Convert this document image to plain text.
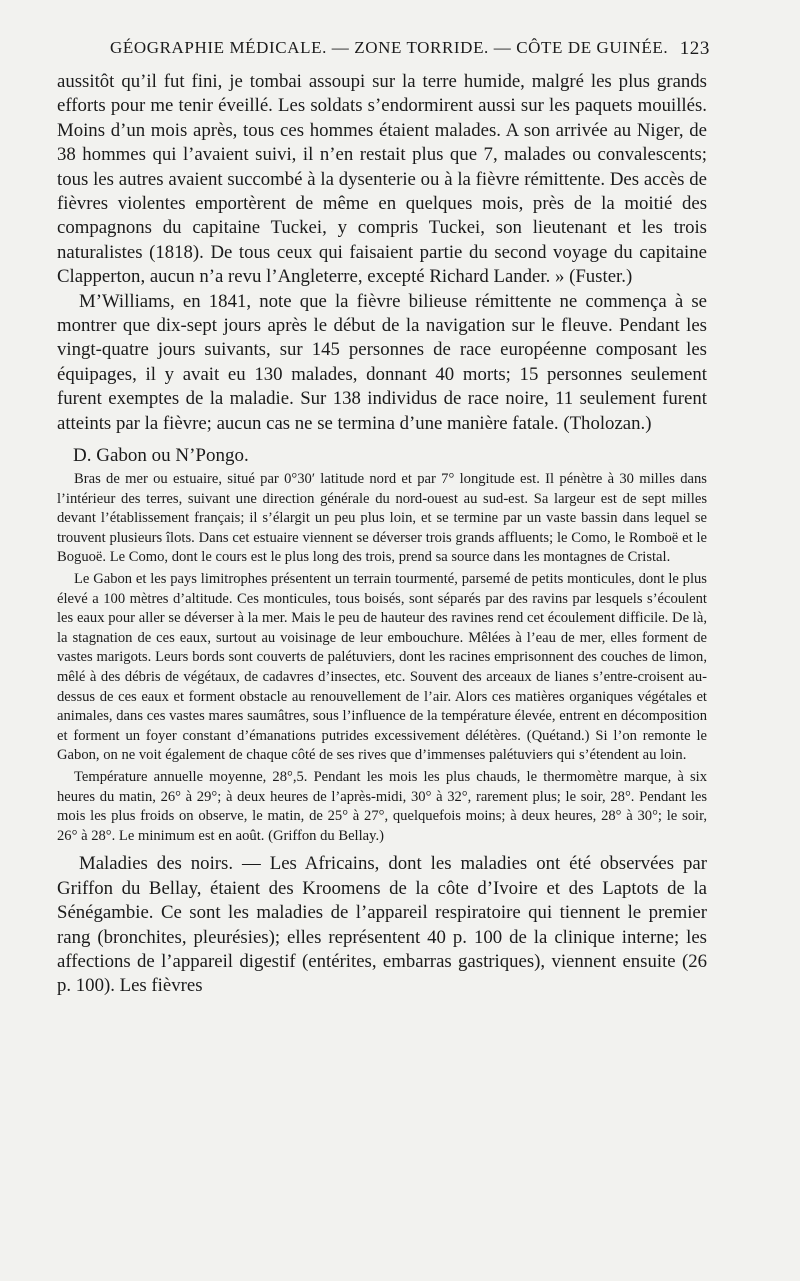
GÉOGRAPHIE MÉDICALE. — ZONE TORRIDE. — CÔTE DE GUINÉE. 123

aussitôt qu’il fut fini, je tombai assoupi sur la terre humide, malgré les plus grands efforts pour me tenir éveillé. Les soldats s’endormirent aussi sur les paquets mouillés. Moins d’un mois après, tous ces hommes étaient malades. A son arrivée au Niger, de 38 hommes qui l’avaient suivi, il n’en restait plus que 7, malades ou convalescents; tous les autres avaient succombé à la dysenterie ou à la fièvre rémittente. Des accès de fièvres violentes emportèrent de même en quelques mois, près de la moitié des compagnons du capitaine Tuckei, y compris Tuckei, son lieutenant et les trois naturalistes (1818). De tous ceux qui faisaient partie du second voyage du capitaine Clapperton, aucun n’a revu l’Angleterre, excepté Richard Lander. » (Fuster.)

M’Williams, en 1841, note que la fièvre bilieuse rémittente ne commença à se montrer que dix-sept jours après le début de la navigation sur le fleuve. Pendant les vingt-quatre jours suivants, sur 145 personnes de race européenne composant les équipages, il y avait eu 130 malades, donnant 40 morts; 15 personnes seulement furent exemptes de la maladie. Sur 138 individus de race noire, 11 seulement furent atteints par la fièvre; aucun cas ne se termina d’une manière fatale. (Tholozan.)

D. Gabon ou N’Pongo.

Bras de mer ou estuaire, situé par 0°30′ latitude nord et par 7° longitude est. Il pénètre à 30 milles dans l’intérieur des terres, suivant une direction générale du nord-ouest au sud-est. Sa largeur est de sept milles devant l’établissement français; il s’élargit un peu plus loin, et se termine par un vaste bassin dans lequel se trouvent plusieurs îlots. Dans cet estuaire viennent se déverser trois grands affluents; le Como, le Romboë et le Boguoë. Le Como, dont le cours est le plus long des trois, prend sa source dans les montagnes de Cristal.

Le Gabon et les pays limitrophes présentent un terrain tourmenté, parsemé de petits monticules, dont le plus élevé a 100 mètres d’altitude. Ces monticules, tous boisés, sont séparés par des ravins par lesquels s’écoulent les eaux pour aller se déverser à la mer. Mais le peu de hauteur des ravines rend cet écoulement difficile. De là, la stagnation de ces eaux, surtout au voisinage de leur embouchure. Mêlées à l’eau de mer, elles forment de vastes marigots. Leurs bords sont couverts de palétuviers, dont les racines emprisonnent des couches de limon, mêlé à des débris de végétaux, de cadavres d’insectes, etc. Souvent des arceaux de lianes s’entre-croisent au-dessus de ces eaux et forment obstacle au renouvellement de l’air. Alors ces matières organiques végétales et animales, dans ces vastes mares saumâtres, sous l’influence de la température élevée, entrent en décomposition et forment un foyer constant d’émanations putrides excessivement délétères. (Quétand.) Si l’on remonte le Gabon, on ne voit également de chaque côté de ses rives que d’immenses palétuviers qui s’étendent au loin.

Température annuelle moyenne, 28°,5. Pendant les mois les plus chauds, le thermomètre marque, à six heures du matin, 26° à 29°; à deux heures de l’après-midi, 30° à 32°, rarement plus; le soir, 28°. Pendant les mois les plus froids on observe, le matin, de 25° à 27°, quelquefois moins; à deux heures, 28° à 30°; le soir, 26° à 28°. Le minimum est en août. (Griffon du Bellay.)

Maladies des noirs. — Les Africains, dont les maladies ont été observées par Griffon du Bellay, étaient des Kroomens de la côte d’Ivoire et des Laptots de la Sénégambie. Ce sont les maladies de l’appareil respiratoire qui tiennent le premier rang (bronchites, pleurésies); elles représentent 40 p. 100 de la clinique interne; les affections de l’appareil digestif (entérites, embarras gastriques), viennent ensuite (26 p. 100). Les fièvres
